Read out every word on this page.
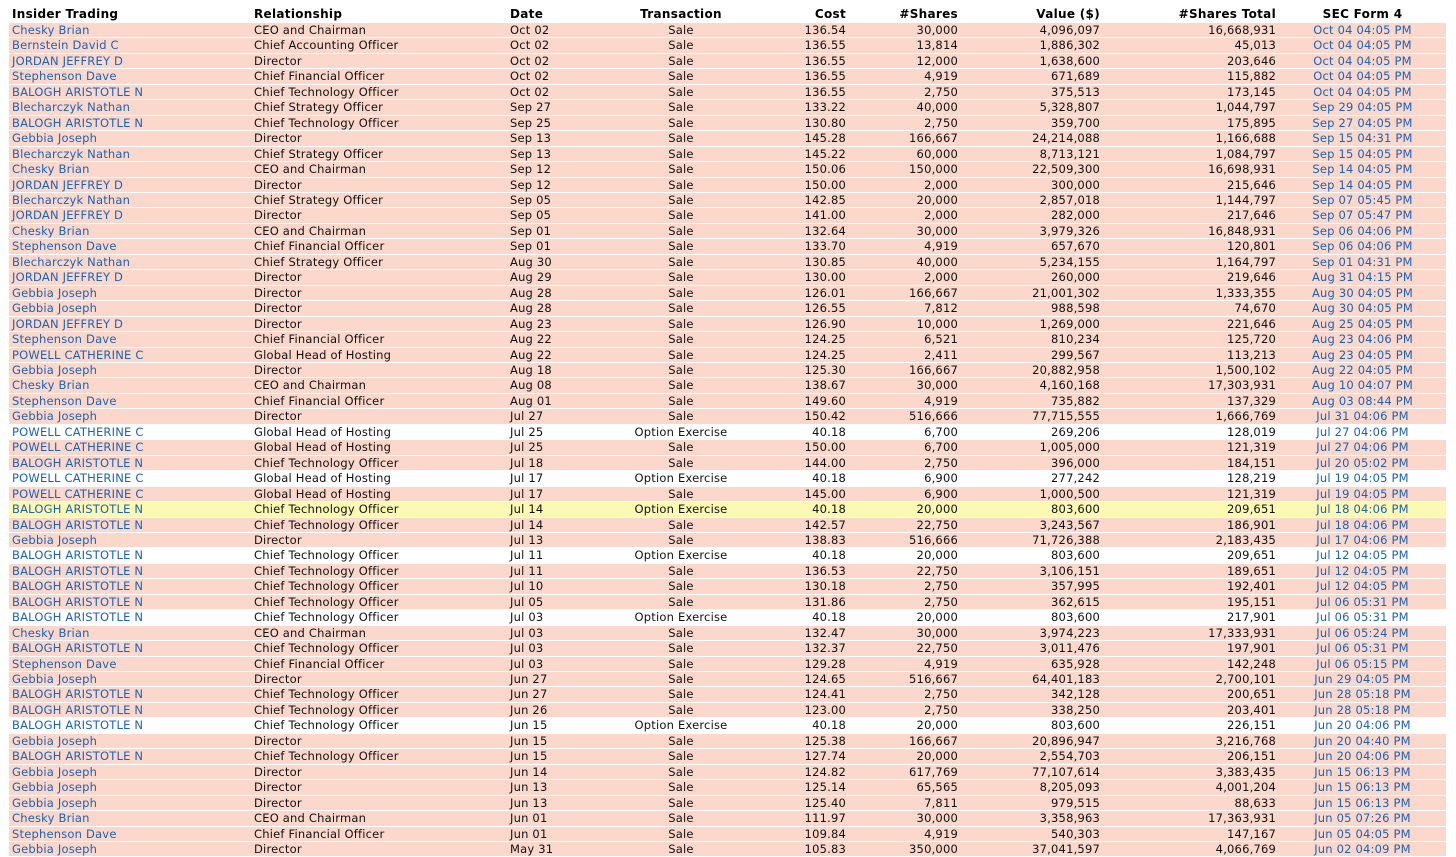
Insider Trading	Relationship	Date	Transaction	Cost	#Shares	Value ($)	#Shares Total	SEC Form 4
Chesky Brian	CEO and Chairman	Oct 02	Sale	136.54	30,000	4,096,097	16,668,931	Oct 04 04:05 PM
Bernstein David C	Chief Accounting Officer	Oct 02	Sale	136.55	13,814	1,886,302	45,013	Oct 04 04:05 PM
JORDAN JEFFREY D	Director	Oct 02	Sale	136.55	12,000	1,638,600	203,646	Oct 04 04:05 PM
Stephenson Dave	Chief Financial Officer	Oct 02	Sale	136.55	4,919	671,689	115,882	Oct 04 04:05 PM
BALOGH ARISTOTLE N	Chief Technology Officer	Oct 02	Sale	136.55	2,750	375,513	173,145	Oct 04 04:05 PM
Blecharczyk Nathan	Chief Strategy Officer	Sep 27	Sale	133.22	40,000	5,328,807	1,044,797	Sep 29 04:05 PM
BALOGH ARISTOTLE N	Chief Technology Officer	Sep 25	Sale	130.80	2,750	359,700	175,895	Sep 27 04:05 PM
Gebbia Joseph	Director	Sep 13	Sale	145.28	166,667	24,214,088	1,166,688	Sep 15 04:31 PM
Blecharczyk Nathan	Chief Strategy Officer	Sep 13	Sale	145.22	60,000	8,713,121	1,084,797	Sep 15 04:05 PM
Chesky Brian	CEO and Chairman	Sep 12	Sale	150.06	150,000	22,509,300	16,698,931	Sep 14 04:05 PM
JORDAN JEFFREY D	Director	Sep 12	Sale	150.00	2,000	300,000	215,646	Sep 14 04:05 PM
Blecharczyk Nathan	Chief Strategy Officer	Sep 05	Sale	142.85	20,000	2,857,018	1,144,797	Sep 07 05:45 PM
JORDAN JEFFREY D	Director	Sep 05	Sale	141.00	2,000	282,000	217,646	Sep 07 05:47 PM
Chesky Brian	CEO and Chairman	Sep 01	Sale	132.64	30,000	3,979,326	16,848,931	Sep 06 04:06 PM
Stephenson Dave	Chief Financial Officer	Sep 01	Sale	133.70	4,919	657,670	120,801	Sep 06 04:06 PM
Blecharczyk Nathan	Chief Strategy Officer	Aug 30	Sale	130.85	40,000	5,234,155	1,164,797	Sep 01 04:31 PM
JORDAN JEFFREY D	Director	Aug 29	Sale	130.00	2,000	260,000	219,646	Aug 31 04:15 PM
Gebbia Joseph	Director	Aug 28	Sale	126.01	166,667	21,001,302	1,333,355	Aug 30 04:05 PM
Gebbia Joseph	Director	Aug 28	Sale	126.55	7,812	988,598	74,670	Aug 30 04:05 PM
JORDAN JEFFREY D	Director	Aug 23	Sale	126.90	10,000	1,269,000	221,646	Aug 25 04:05 PM
Stephenson Dave	Chief Financial Officer	Aug 22	Sale	124.25	6,521	810,234	125,720	Aug 23 04:06 PM
POWELL CATHERINE C	Global Head of Hosting	Aug 22	Sale	124.25	2,411	299,567	113,213	Aug 23 04:05 PM
Gebbia Joseph	Director	Aug 18	Sale	125.30	166,667	20,882,958	1,500,102	Aug 22 04:05 PM
Chesky Brian	CEO and Chairman	Aug 08	Sale	138.67	30,000	4,160,168	17,303,931	Aug 10 04:07 PM
Stephenson Dave	Chief Financial Officer	Aug 01	Sale	149.60	4,919	735,882	137,329	Aug 03 08:44 PM
Gebbia Joseph	Director	Jul 27	Sale	150.42	516,666	77,715,555	1,666,769	Jul 31 04:06 PM
POWELL CATHERINE C	Global Head of Hosting	Jul 25	Option Exercise	40.18	6,700	269,206	128,019	Jul 27 04:06 PM
POWELL CATHERINE C	Global Head of Hosting	Jul 25	Sale	150.00	6,700	1,005,000	121,319	Jul 27 04:06 PM
BALOGH ARISTOTLE N	Chief Technology Officer	Jul 18	Sale	144.00	2,750	396,000	184,151	Jul 20 05:02 PM
POWELL CATHERINE C	Global Head of Hosting	Jul 17	Option Exercise	40.18	6,900	277,242	128,219	Jul 19 04:05 PM
POWELL CATHERINE C	Global Head of Hosting	Jul 17	Sale	145.00	6,900	1,000,500	121,319	Jul 19 04:05 PM
BALOGH ARISTOTLE N	Chief Technology Officer	Jul 14	Option Exercise	40.18	20,000	803,600	209,651	Jul 18 04:06 PM
BALOGH ARISTOTLE N	Chief Technology Officer	Jul 14	Sale	142.57	22,750	3,243,567	186,901	Jul 18 04:06 PM
Gebbia Joseph	Director	Jul 13	Sale	138.83	516,666	71,726,388	2,183,435	Jul 17 04:06 PM
BALOGH ARISTOTLE N	Chief Technology Officer	Jul 11	Option Exercise	40.18	20,000	803,600	209,651	Jul 12 04:05 PM
BALOGH ARISTOTLE N	Chief Technology Officer	Jul 11	Sale	136.53	22,750	3,106,151	189,651	Jul 12 04:05 PM
BALOGH ARISTOTLE N	Chief Technology Officer	Jul 10	Sale	130.18	2,750	357,995	192,401	Jul 12 04:05 PM
BALOGH ARISTOTLE N	Chief Technology Officer	Jul 05	Sale	131.86	2,750	362,615	195,151	Jul 06 05:31 PM
BALOGH ARISTOTLE N	Chief Technology Officer	Jul 03	Option Exercise	40.18	20,000	803,600	217,901	Jul 06 05:31 PM
Chesky Brian	CEO and Chairman	Jul 03	Sale	132.47	30,000	3,974,223	17,333,931	Jul 06 05:24 PM
BALOGH ARISTOTLE N	Chief Technology Officer	Jul 03	Sale	132.37	22,750	3,011,476	197,901	Jul 06 05:31 PM
Stephenson Dave	Chief Financial Officer	Jul 03	Sale	129.28	4,919	635,928	142,248	Jul 06 05:15 PM
Gebbia Joseph	Director	Jun 27	Sale	124.65	516,667	64,401,183	2,700,101	Jun 29 04:05 PM
BALOGH ARISTOTLE N	Chief Technology Officer	Jun 27	Sale	124.41	2,750	342,128	200,651	Jun 28 05:18 PM
BALOGH ARISTOTLE N	Chief Technology Officer	Jun 26	Sale	123.00	2,750	338,250	203,401	Jun 28 05:18 PM
BALOGH ARISTOTLE N	Chief Technology Officer	Jun 15	Option Exercise	40.18	20,000	803,600	226,151	Jun 20 04:06 PM
Gebbia Joseph	Director	Jun 15	Sale	125.38	166,667	20,896,947	3,216,768	Jun 20 04:40 PM
BALOGH ARISTOTLE N	Chief Technology Officer	Jun 15	Sale	127.74	20,000	2,554,703	206,151	Jun 20 04:06 PM
Gebbia Joseph	Director	Jun 14	Sale	124.82	617,769	77,107,614	3,383,435	Jun 15 06:13 PM
Gebbia Joseph	Director	Jun 13	Sale	125.14	65,565	8,205,093	4,001,204	Jun 15 06:13 PM
Gebbia Joseph	Director	Jun 13	Sale	125.40	7,811	979,515	88,633	Jun 15 06:13 PM
Chesky Brian	CEO and Chairman	Jun 01	Sale	111.97	30,000	3,358,963	17,363,931	Jun 05 07:26 PM
Stephenson Dave	Chief Financial Officer	Jun 01	Sale	109.84	4,919	540,303	147,167	Jun 05 04:05 PM
Gebbia Joseph	Director	May 31	Sale	105.83	350,000	37,041,597	4,066,769	Jun 02 04:09 PM
